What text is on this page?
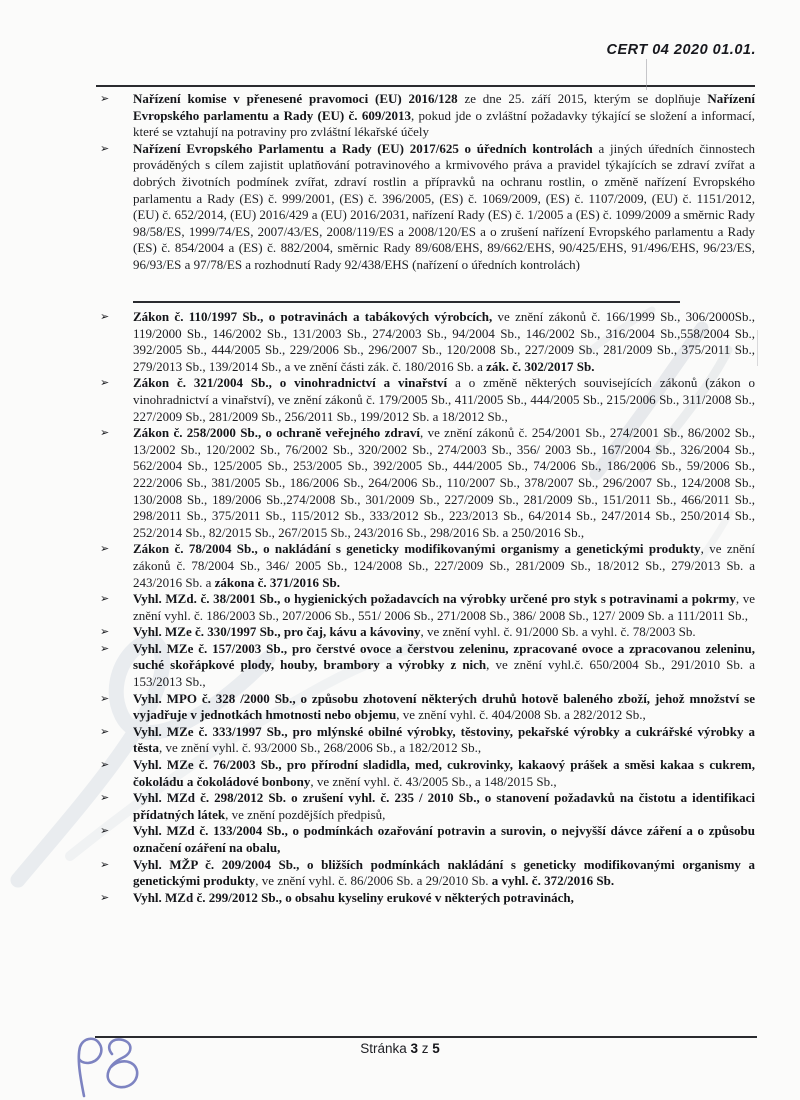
CERT 04 2020 01.01.
➢ Nařízení komise v přenesené pravomoci (EU) 2016/128 ze dne 25. září 2015, kterým se doplňuje Nařízení Evropského parlamentu a Rady (EU) č. 609/2013, pokud jde o zvláštní požadavky týkající se složení a informací, které se vztahují na potraviny pro zvláštní lékařské účely
➢ Nařízení Evropského Parlamentu a Rady (EU) 2017/625 o úředních kontrolách a jiných úředních činnostech prováděných s cílem zajistit uplatňování potravinového a krmivového práva a pravidel týkajících se zdraví zvířat a dobrých životních podmínek zvířat, zdraví rostlin a přípravků na ochranu rostlin, o změně nařízení Evropského parlamentu a Rady (ES) č. 999/2001, (ES) č. 396/2005, (ES) č. 1069/2009, (ES) č. 1107/2009, (EU) č. 1151/2012, (EU) č. 652/2014, (EU) 2016/429 a (EU) 2016/2031, nařízení Rady (ES) č. 1/2005 a (ES) č. 1099/2009 a směrnic Rady 98/58/ES, 1999/74/ES, 2007/43/ES, 2008/119/ES a 2008/120/ES a o zrušení nařízení Evropského parlamentu a Rady (ES) č. 854/2004 a (ES) č. 882/2004, směrnic Rady 89/608/EHS, 89/662/EHS, 90/425/EHS, 91/496/EHS, 96/23/ES, 96/93/ES a 97/78/ES a rozhodnutí Rady 92/438/EHS (nařízení o úředních kontrolách)
➢ Zákon č. 110/1997 Sb., o potravinách a tabákových výrobcích, ve znění zákonů č. 166/1999 Sb., 306/2000Sb., 119/2000 Sb., 146/2002 Sb., 131/2003 Sb., 274/2003 Sb., 94/2004 Sb., 146/2002 Sb., 316/2004 Sb.,558/2004 Sb., 392/2005 Sb., 444/2005 Sb., 229/2006 Sb., 296/2007 Sb., 120/2008 Sb., 227/2009 Sb., 281/2009 Sb., 375/2011 Sb., 279/2013 Sb., 139/2014 Sb., a ve znění části zák. č. 180/2016 Sb. a zák. č. 302/2017 Sb.
➢ Zákon č. 321/2004 Sb., o vinohradnictví a vinařství a o změně některých souvisejících zákonů (zákon o vinohradnictví a vinařství), ve znění zákonů č. 179/2005 Sb., 411/2005 Sb., 444/2005 Sb., 215/2006 Sb., 311/2008 Sb., 227/2009 Sb., 281/2009 Sb., 256/2011 Sb., 199/2012 Sb. a 18/2012 Sb.,
➢ Zákon č. 258/2000 Sb., o ochraně veřejného zdraví, ve znění zákonů č. 254/2001 Sb., 274/2001 Sb., 86/2002 Sb., 13/2002 Sb., 120/2002 Sb., 76/2002 Sb., 320/2002 Sb., 274/2003 Sb., 356/ 2003 Sb., 167/2004 Sb., 326/2004 Sb., 562/2004 Sb., 125/2005 Sb., 253/2005 Sb., 392/2005 Sb., 444/2005 Sb., 74/2006 Sb., 186/2006 Sb., 59/2006 Sb., 222/2006 Sb., 381/2005 Sb., 186/2006 Sb., 264/2006 Sb., 110/2007 Sb., 378/2007 Sb., 296/2007 Sb., 124/2008 Sb., 130/2008 Sb., 189/2006 Sb.,274/2008 Sb., 301/2009 Sb., 227/2009 Sb., 281/2009 Sb., 151/2011 Sb., 466/2011 Sb., 298/2011 Sb., 375/2011 Sb., 115/2012 Sb., 333/2012 Sb., 223/2013 Sb., 64/2014 Sb., 247/2014 Sb., 250/2014 Sb., 252/2014 Sb., 82/2015 Sb., 267/2015 Sb., 243/2016 Sb., 298/2016 Sb. a 250/2016 Sb.,
➢ Zákon č. 78/2004 Sb., o nakládání s geneticky modifikovanými organismy a genetickými produkty, ve znění zákonů č. 78/2004 Sb., 346/ 2005 Sb., 124/2008 Sb., 227/2009 Sb., 281/2009 Sb., 18/2012 Sb., 279/2013 Sb. a 243/2016 Sb. a zákona č. 371/2016 Sb.
➢ Vyhl. MZd. č. 38/2001 Sb., o hygienických požadavcích na výrobky určené pro styk s potravinami a pokrmy, ve znění vyhl. č. 186/2003 Sb., 207/2006 Sb., 551/ 2006 Sb., 271/2008 Sb., 386/ 2008 Sb., 127/ 2009 Sb. a 111/2011 Sb.,
➢ Vyhl. MZe č. 330/1997 Sb., pro čaj, kávu a kávoviny, ve znění vyhl. č. 91/2000 Sb. a vyhl. č. 78/2003 Sb.
➢ Vyhl. MZe č. 157/2003 Sb., pro čerstvé ovoce a čerstvou zeleninu, zpracované ovoce a zpracovanou zeleninu, suché skořápkové plody, houby, brambory a výrobky z nich, ve znění vyhl.č. 650/2004 Sb., 291/2010 Sb. a 153/2013 Sb.,
➢ Vyhl. MPO č. 328 /2000 Sb., o způsobu zhotovení některých druhů hotově baleného zboží, jehož množství se vyjadřuje v jednotkách hmotnosti nebo objemu, ve znění vyhl. č. 404/2008 Sb. a 282/2012 Sb.,
➢ Vyhl. MZe č. 333/1997 Sb., pro mlýnské obilné výrobky, těstoviny, pekařské výrobky a cukrářské výrobky a těsta, ve znění vyhl. č. 93/2000 Sb., 268/2006 Sb., a 182/2012 Sb.,
➢ Vyhl. MZe č. 76/2003 Sb., pro přírodní sladidla, med, cukrovinky, kakaový prášek a směsi kakaa s cukrem, čokoládu a čokoládové bonbony, ve znění vyhl. č. 43/2005 Sb., a 148/2015 Sb.,
➢ Vyhl. MZd č. 298/2012 Sb. o zrušení vyhl. č. 235 / 2010 Sb., o stanovení požadavků na čistotu a identifikaci přídatných látek, ve znění pozdějších předpisů,
➢ Vyhl. MZd č. 133/2004 Sb., o podmínkách ozařování potravin a surovin, o nejvyšší dávce záření a o způsobu označení ozáření na obalu,
➢ Vyhl. MŽP č. 209/2004 Sb., o bližších podmínkách nakládání s geneticky modifikovanými organismy a genetickými produkty, ve znění vyhl. č. 86/2006 Sb. a 29/2010 Sb. a vyhl. č. 372/2016 Sb.
➢ Vyhl. MZd č. 299/2012 Sb., o obsahu kyseliny erukové v některých potravinách,
Stránka 3 z 5
